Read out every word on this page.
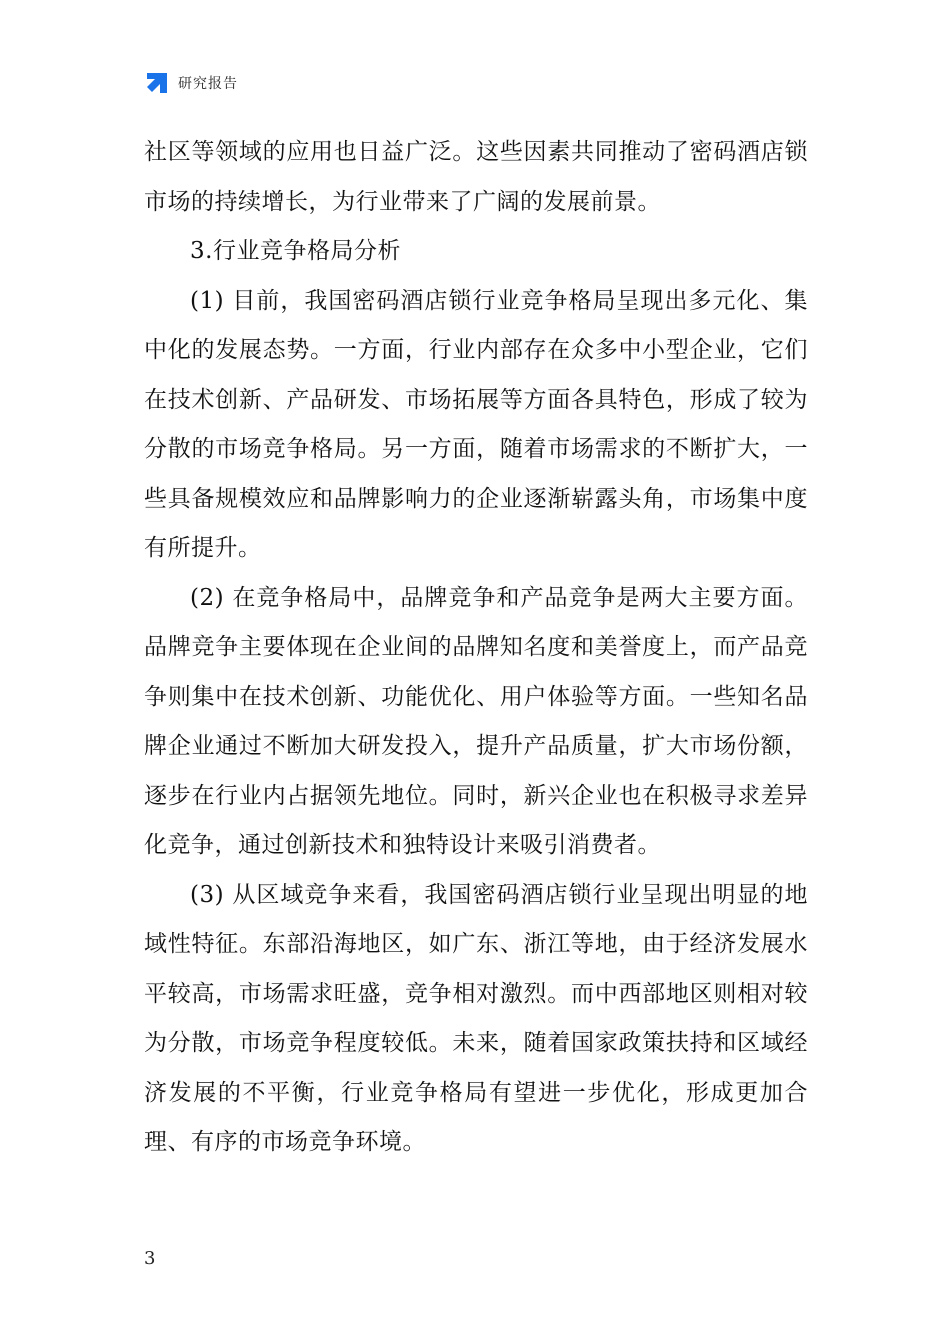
研究报告

社区等领域的应用也日益广泛。这些因素共同推动了密码酒店锁市场的持续增长，为行业带来了广阔的发展前景。

3.行业竞争格局分析

(1) 目前，我国密码酒店锁行业竞争格局呈现出多元化、集中化的发展态势。一方面，行业内部存在众多中小型企业，它们在技术创新、产品研发、市场拓展等方面各具特色，形成了较为分散的市场竞争格局。另一方面，随着市场需求的不断扩大，一些具备规模效应和品牌影响力的企业逐渐崭露头角，市场集中度有所提升。

(2) 在竞争格局中，品牌竞争和产品竞争是两大主要方面。品牌竞争主要体现在企业间的品牌知名度和美誉度上，而产品竞争则集中在技术创新、功能优化、用户体验等方面。一些知名品牌企业通过不断加大研发投入，提升产品质量，扩大市场份额，逐步在行业内占据领先地位。同时，新兴企业也在积极寻求差异化竞争，通过创新技术和独特设计来吸引消费者。

(3) 从区域竞争来看，我国密码酒店锁行业呈现出明显的地域性特征。东部沿海地区，如广东、浙江等地，由于经济发展水平较高，市场需求旺盛，竞争相对激烈。而中西部地区则相对较为分散，市场竞争程度较低。未来，随着国家政策扶持和区域经济发展的不平衡，行业竞争格局有望进一步优化，形成更加合理、有序的市场竞争环境。

3
